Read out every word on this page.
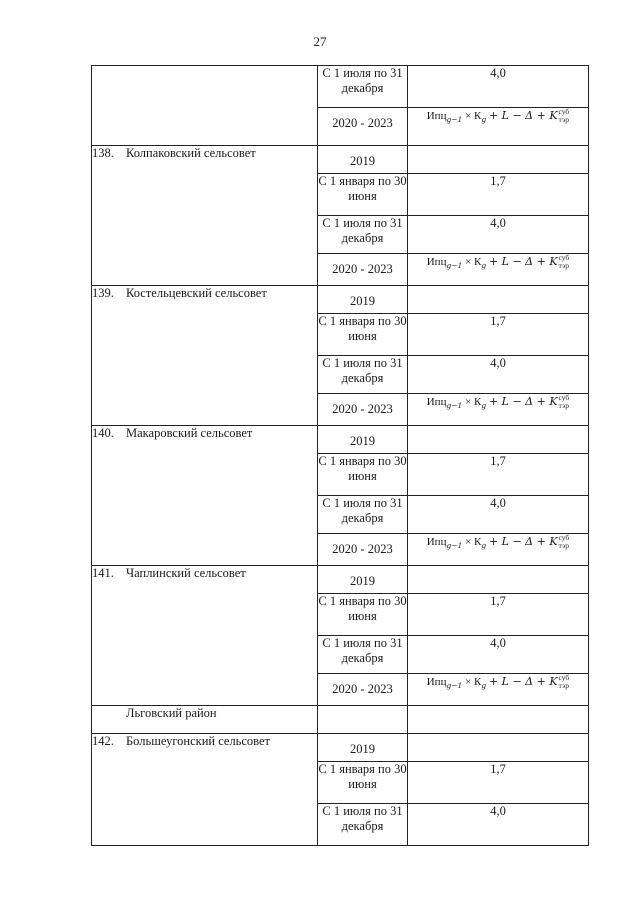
27
	С 1 июля по 31 декабря	4,0
	2020 - 2023	$Ипц_{g-1} \times К_g + L - \Delta$ + Kсуб
тэр
138. Колпаковский сельсовет	2019	
	С 1 января по 30 июня	1,7
	С 1 июля по 31 декабря	4,0
	2020 - 2023	$Ипц_{g-1} \times К_g + L - \Delta$ + Kсуб
тэр
139. Костельцевский сельсовет	2019	
	С 1 января по 30 июня	1,7
	С 1 июля по 31 декабря	4,0
	2020 - 2023	$Ипц_{g-1} \times К_g + L - \Delta$ + Kсуб
тэр
140. Макаровский сельсовет	2019	
	С 1 января по 30 июня	1,7
	С 1 июля по 31 декабря	4,0
	2020 - 2023	$Ипц_{g-1} \times К_g + L - \Delta$ + Kсуб
тэр
141. Чаплинский сельсовет	2019	
	С 1 января по 30 июня	1,7
	С 1 июля по 31 декабря	4,0
	2020 - 2023	$Ипц_{g-1} \times К_g + L - \Delta$ + Kсуб
тэр
Льговский район		
142. Большеугонский сельсовет	2019	
	С 1 января по 30 июня	1,7
	С 1 июля по 31 декабря	4,0
